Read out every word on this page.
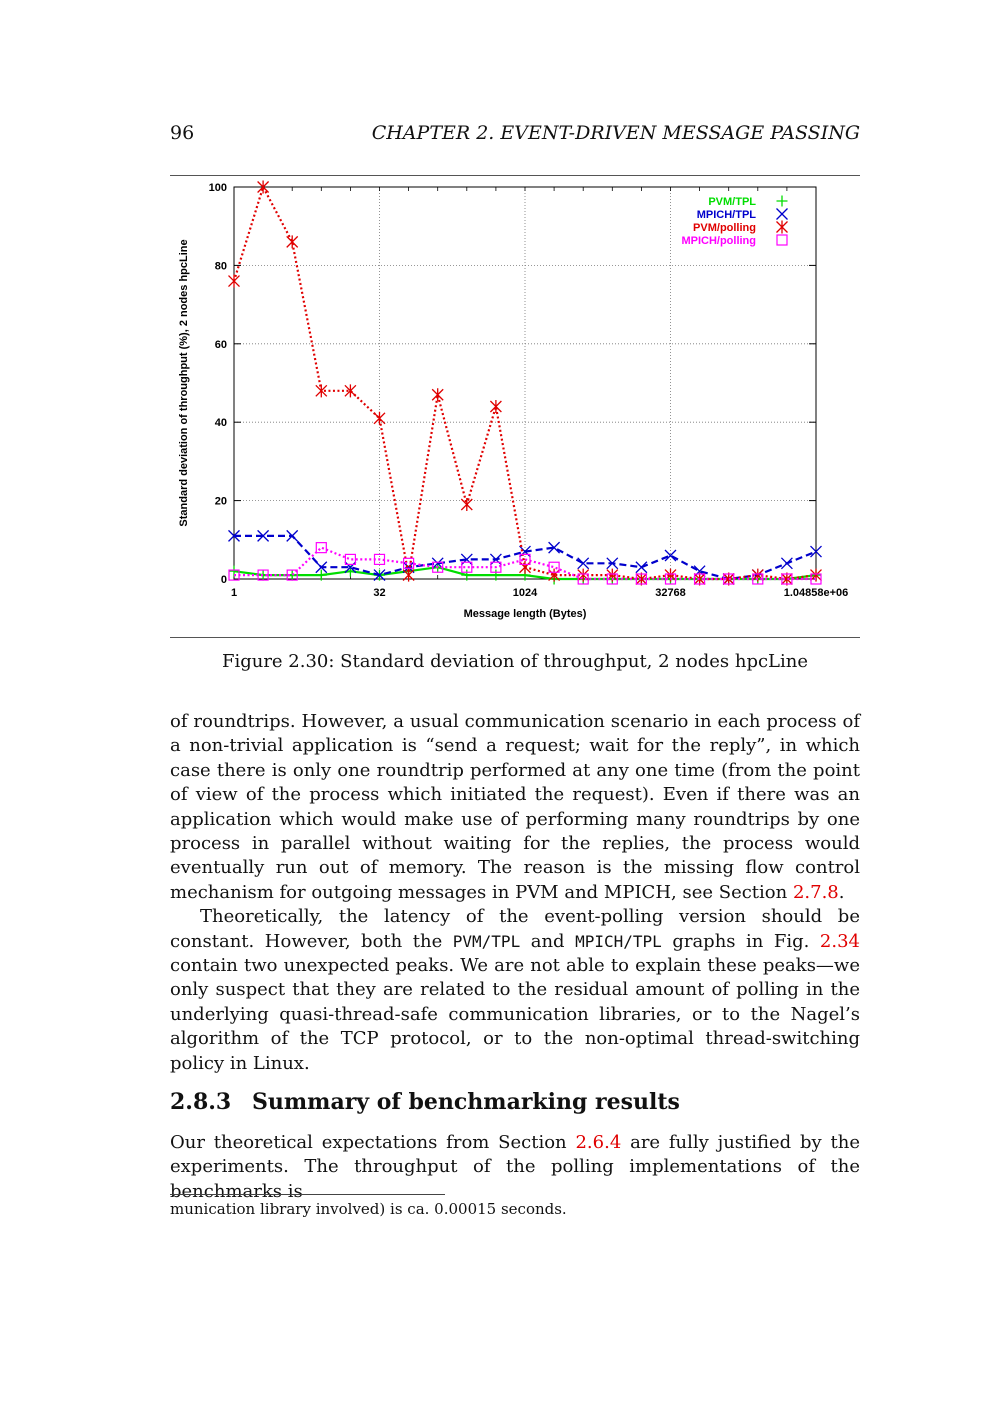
96	CHAPTER 2. EVENT-DRIVEN MESSAGE PASSING
0
20
40
60
80
100
1	32	1024	32768	1.04858e+06
Message length (Bytes)
Standard deviation of throughput (%), 2 nodes hpcLine
PVM/TPL
MPICH/TPL
PVM/polling
MPICH/polling
Figure 2.30: Standard deviation of throughput, 2 nodes hpcLine

of roundtrips. However, a usual communication scenario in each process of a non-trivial application is “send a request; wait for the reply”, in which case there is only one roundtrip performed at any one time (from the point of view of the process which initiated the request). Even if there was an application which would make use of performing many roundtrips by one process in parallel without waiting for the replies, the process would eventually run out of memory. The reason is the missing flow control mechanism for outgoing messages in PVM and MPICH, see Section 2.7.8.

Theoretically, the latency of the event-polling version should be constant. However, both the PVM/TPL and MPICH/TPL graphs in Fig. 2.34 contain two unexpected peaks. We are not able to explain these peaks—we only suspect that they are related to the residual amount of polling in the underlying quasi-thread-safe communication libraries, or to the Nagel’s algorithm of the TCP protocol, or to the non-optimal thread-switching policy in Linux.

2.8.3 Summary of benchmarking results

Our theoretical expectations from Section 2.6.4 are fully justified by the experiments. The throughput of the polling implementations of the benchmarks is

munication library involved) is ca. 0.00015 seconds.
